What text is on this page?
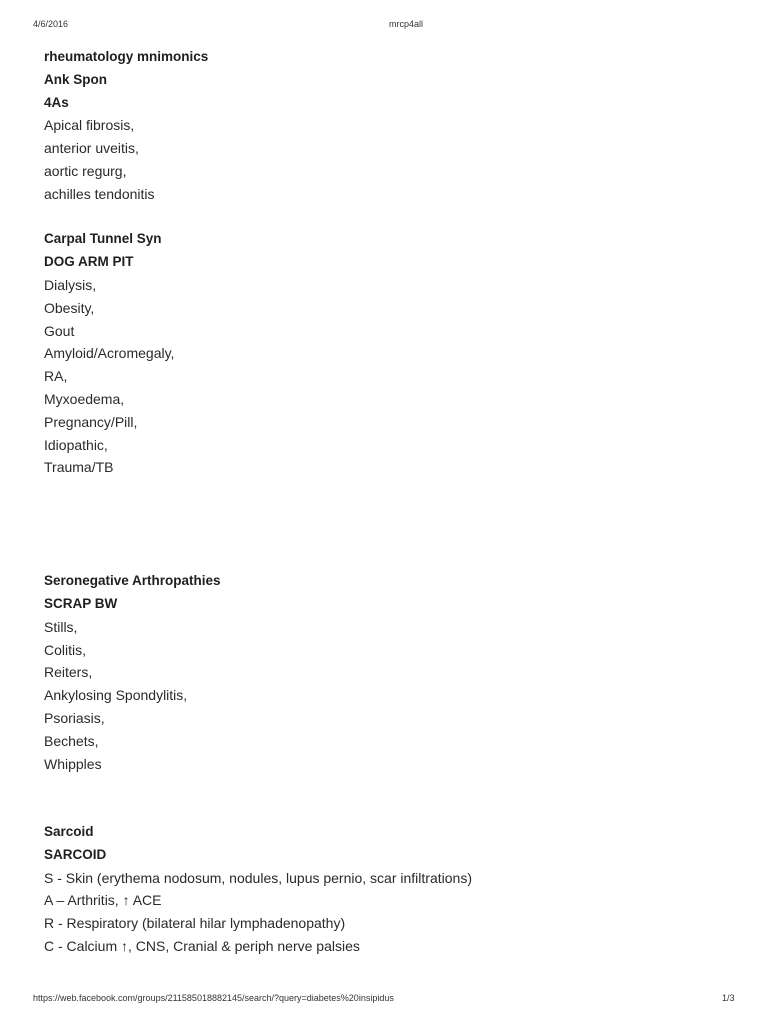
4/6/2016	mrcp4all
rheumatology mnimonics
Ank Spon
4As
Apical fibrosis,
anterior uveitis,
aortic regurg,
achilles tendonitis
Carpal Tunnel Syn
DOG ARM PIT
Dialysis,
Obesity,
Gout
Amyloid/Acromegaly,
RA,
Myxoedema,
Pregnancy/Pill,
Idiopathic,
Trauma/TB
Seronegative Arthropathies
SCRAP BW
Stills,
Colitis,
Reiters,
Ankylosing Spondylitis,
Psoriasis,
Bechets,
Whipples
Sarcoid
SARCOID
S - Skin (erythema nodosum, nodules, lupus pernio, scar infiltrations)
A – Arthritis, ↑ ACE
R - Respiratory (bilateral hilar lymphadenopathy)
C - Calcium ↑, CNS, Cranial & periph nerve palsies
https://web.facebook.com/groups/211585018882145/search/?query=diabetes%20insipidus	1/3
